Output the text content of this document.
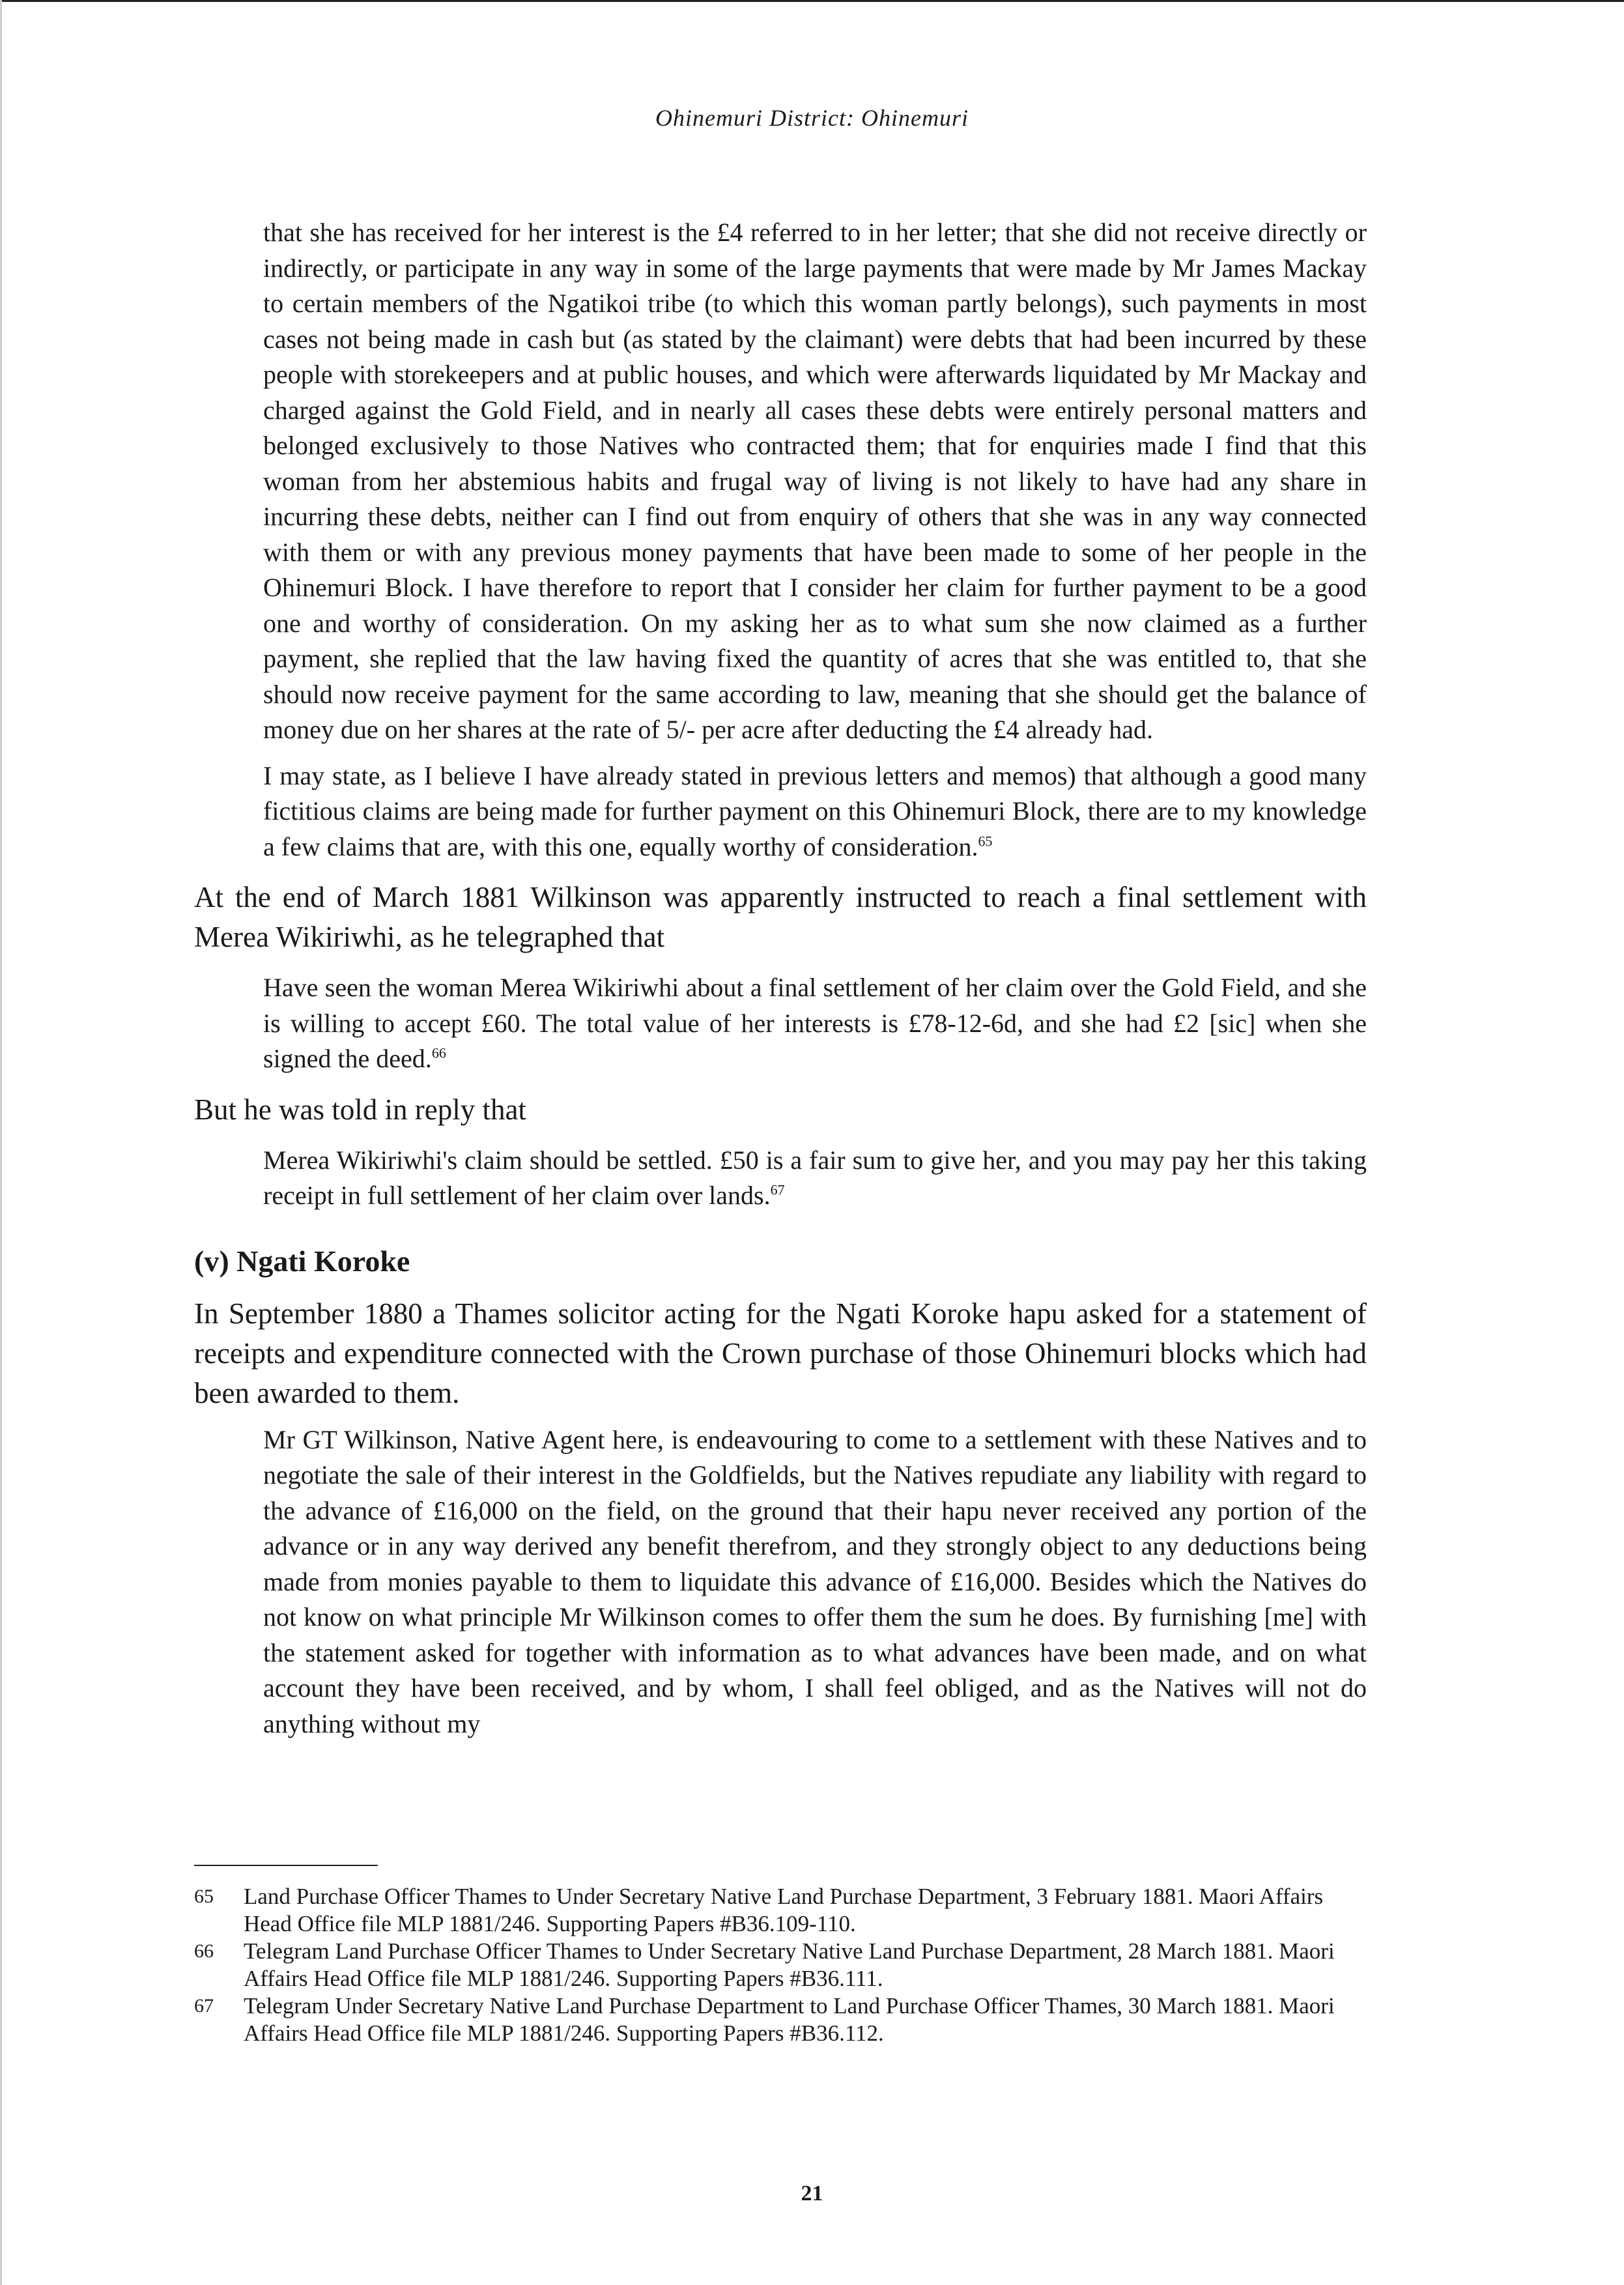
Ohinemuri District: Ohinemuri

that she has received for her interest is the £4 referred to in her letter; that she did not receive directly or indirectly, or participate in any way in some of the large payments that were made by Mr James Mackay to certain members of the Ngatikoi tribe (to which this woman partly belongs), such payments in most cases not being made in cash but (as stated by the claimant) were debts that had been incurred by these people with storekeepers and at public houses, and which were afterwards liquidated by Mr Mackay and charged against the Gold Field, and in nearly all cases these debts were entirely personal matters and belonged exclusively to those Natives who contracted them; that for enquiries made I find that this woman from her abstemious habits and frugal way of living is not likely to have had any share in incurring these debts, neither can I find out from enquiry of others that she was in any way connected with them or with any previous money payments that have been made to some of her people in the Ohinemuri Block. I have therefore to report that I consider her claim for further payment to be a good one and worthy of consideration. On my asking her as to what sum she now claimed as a further payment, she replied that the law having fixed the quantity of acres that she was entitled to, that she should now receive payment for the same according to law, meaning that she should get the balance of money due on her shares at the rate of 5/- per acre after deducting the £4 already had.

I may state, as I believe I have already stated in previous letters and memos) that although a good many fictitious claims are being made for further payment on this Ohinemuri Block, there are to my knowledge a few claims that are, with this one, equally worthy of consideration.$^{65}$

At the end of March 1881 Wilkinson was apparently instructed to reach a final settlement with Merea Wikiriwhi, as he telegraphed that

Have seen the woman Merea Wikiriwhi about a final settlement of her claim over the Gold Field, and she is willing to accept £60. The total value of her interests is £78-12-6d, and she had £2 [sic] when she signed the deed.$^{66}$

But he was told in reply that

Merea Wikiriwhi's claim should be settled. £50 is a fair sum to give her, and you may pay her this taking receipt in full settlement of her claim over lands.$^{67}$

(v) Ngati Koroke

In September 1880 a Thames solicitor acting for the Ngati Koroke hapu asked for a statement of receipts and expenditure connected with the Crown purchase of those Ohinemuri blocks which had been awarded to them.

Mr GT Wilkinson, Native Agent here, is endeavouring to come to a settlement with these Natives and to negotiate the sale of their interest in the Goldfields, but the Natives repudiate any liability with regard to the advance of £16,000 on the field, on the ground that their hapu never received any portion of the advance or in any way derived any benefit therefrom, and they strongly object to any deductions being made from monies payable to them to liquidate this advance of £16,000. Besides which the Natives do not know on what principle Mr Wilkinson comes to offer them the sum he does. By furnishing [me] with the statement asked for together with information as to what advances have been made, and on what account they have been received, and by whom, I shall feel obliged, and as the Natives will not do anything without my

65	Land Purchase Officer Thames to Under Secretary Native Land Purchase Department, 3 February 1881. Maori Affairs Head Office file MLP 1881/246. Supporting Papers #B36.109-110.
66	Telegram Land Purchase Officer Thames to Under Secretary Native Land Purchase Department, 28 March 1881. Maori Affairs Head Office file MLP 1881/246. Supporting Papers #B36.111.
67	Telegram Under Secretary Native Land Purchase Department to Land Purchase Officer Thames, 30 March 1881. Maori Affairs Head Office file MLP 1881/246. Supporting Papers #B36.112.
21
